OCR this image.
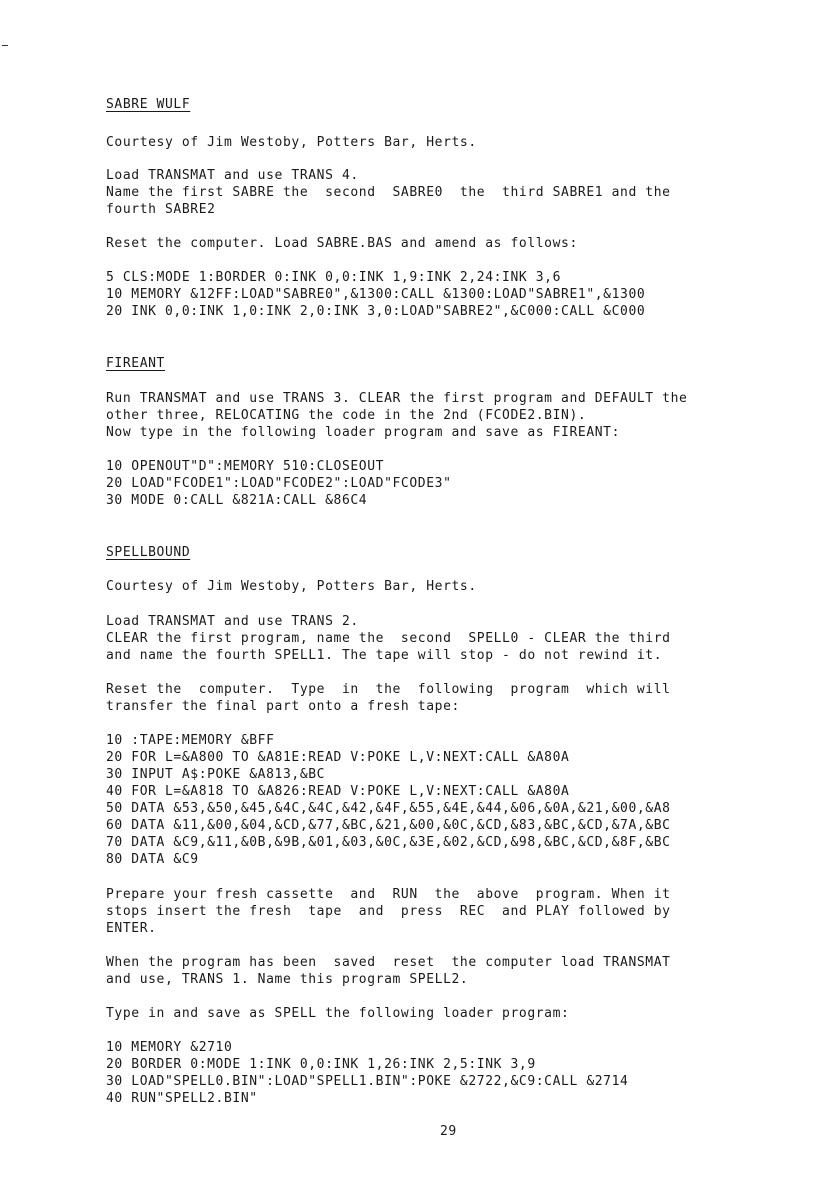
SABRE WULF
Courtesy of Jim Westoby, Potters Bar, Herts.
Load TRANSMAT and use TRANS 4.
Name the first SABRE the  second  SABRE0  the  third SABRE1 and the
fourth SABRE2
Reset the computer. Load SABRE.BAS and amend as follows:
5 CLS:MODE 1:BORDER 0:INK 0,0:INK 1,9:INK 2,24:INK 3,6
10 MEMORY &12FF:LOAD"SABRE0",&1300:CALL &1300:LOAD"SABRE1",&1300
20 INK 0,0:INK 1,0:INK 2,0:INK 3,0:LOAD"SABRE2",&C000:CALL &C000
FIREANT
Run TRANSMAT and use TRANS 3. CLEAR the first program and DEFAULT the
other three, RELOCATING the code in the 2nd (FCODE2.BIN).
Now type in the following loader program and save as FIREANT:
10 OPENOUT"D":MEMORY 510:CLOSEOUT
20 LOAD"FCODE1":LOAD"FCODE2":LOAD"FCODE3"
30 MODE 0:CALL &821A:CALL &86C4
SPELLBOUND
Courtesy of Jim Westoby, Potters Bar, Herts.
Load TRANSMAT and use TRANS 2.
CLEAR the first program, name the  second  SPELL0 - CLEAR the third
and name the fourth SPELL1. The tape will stop - do not rewind it.
Reset the  computer.  Type  in  the  following  program  which will
transfer the final part onto a fresh tape:
10 :TAPE:MEMORY &BFF
20 FOR L=&A800 TO &A81E:READ V:POKE L,V:NEXT:CALL &A80A
30 INPUT A$:POKE &A813,&BC
40 FOR L=&A818 TO &A826:READ V:POKE L,V:NEXT:CALL &A80A
50 DATA &53,&50,&45,&4C,&4C,&42,&4F,&55,&4E,&44,&06,&0A,&21,&00,&A8
60 DATA &11,&00,&04,&CD,&77,&BC,&21,&00,&0C,&CD,&83,&BC,&CD,&7A,&BC
70 DATA &C9,&11,&0B,&9B,&01,&03,&0C,&3E,&02,&CD,&98,&BC,&CD,&8F,&BC
80 DATA &C9
Prepare your fresh cassette  and  RUN  the  above  program. When it
stops insert the fresh  tape  and  press  REC  and PLAY followed by
ENTER.
When the program has been  saved  reset  the computer load TRANSMAT
and use, TRANS 1. Name this program SPELL2.
Type in and save as SPELL the following loader program:
10 MEMORY &2710
20 BORDER 0:MODE 1:INK 0,0:INK 1,26:INK 2,5:INK 3,9
30 LOAD"SPELL0.BIN":LOAD"SPELL1.BIN":POKE &2722,&C9:CALL &2714
40 RUN"SPELL2.BIN"
29
